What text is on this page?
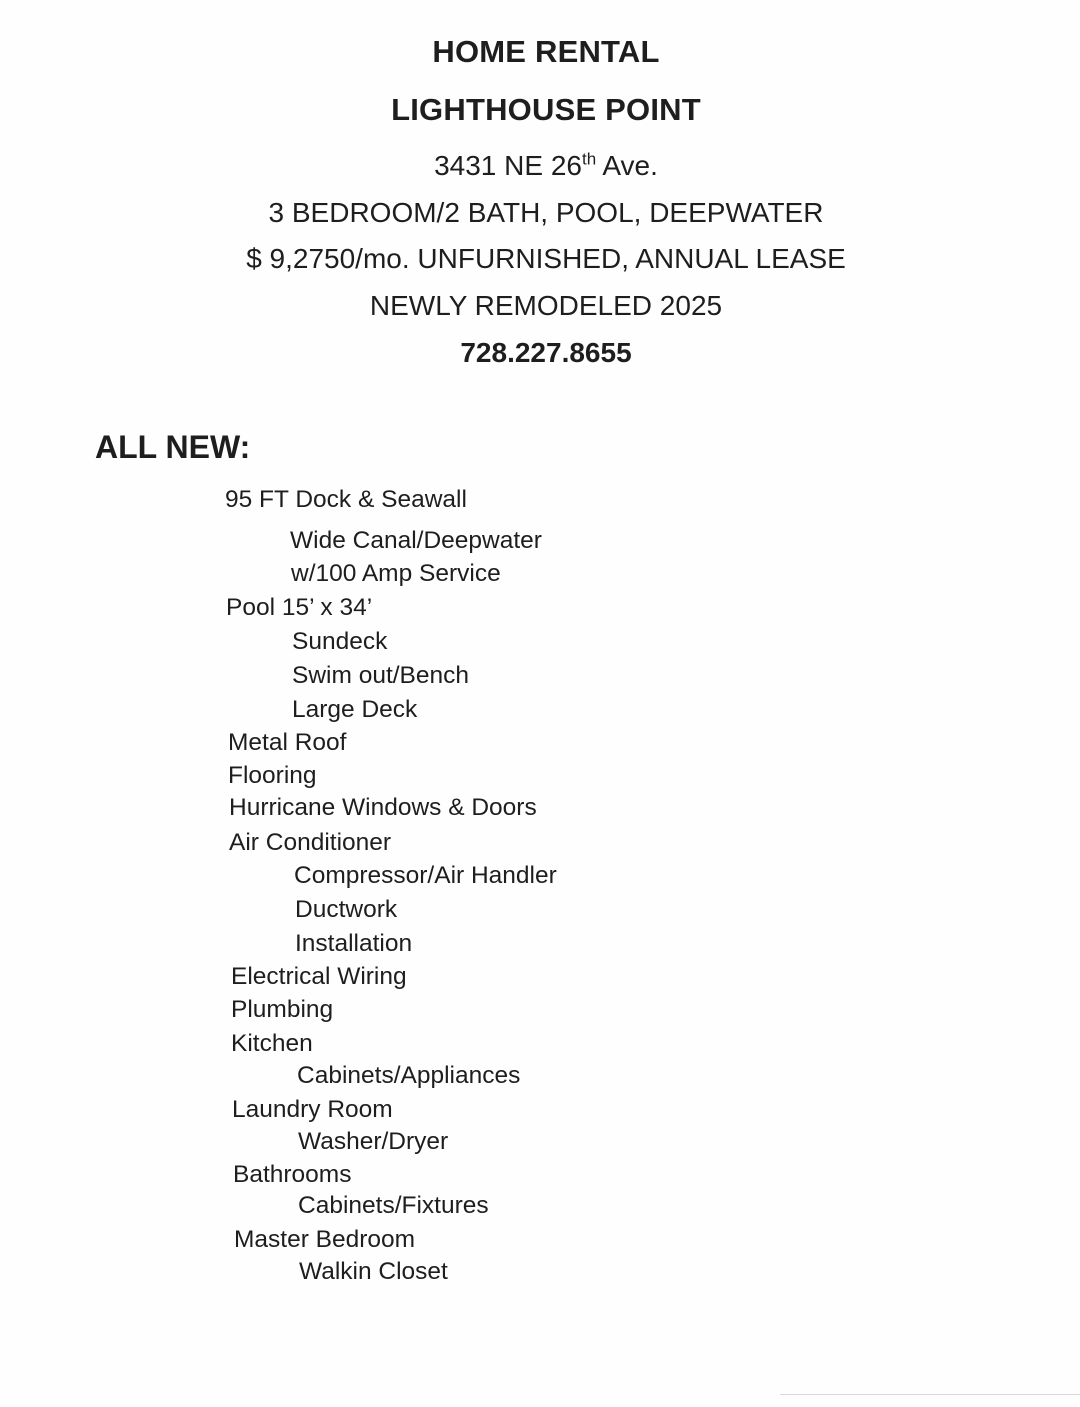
HOME RENTAL
LIGHTHOUSE POINT
3431 NE 26th Ave.
3 BEDROOM/2 BATH, POOL, DEEPWATER
$ 9,2750/mo. UNFURNISHED, ANNUAL LEASE
NEWLY REMODELED 2025
728.227.8655
ALL NEW:
95 FT Dock & Seawall
Wide Canal/Deepwater
w/100 Amp Service
Pool 15’ x 34’
Sundeck
Swim out/Bench
Large Deck
Metal Roof
Flooring
Hurricane Windows & Doors
Air Conditioner
Compressor/Air Handler
Ductwork
Installation
Electrical Wiring
Plumbing
Kitchen
Cabinets/Appliances
Laundry Room
Washer/Dryer
Bathrooms
Cabinets/Fixtures
Master Bedroom
Walkin Closet
